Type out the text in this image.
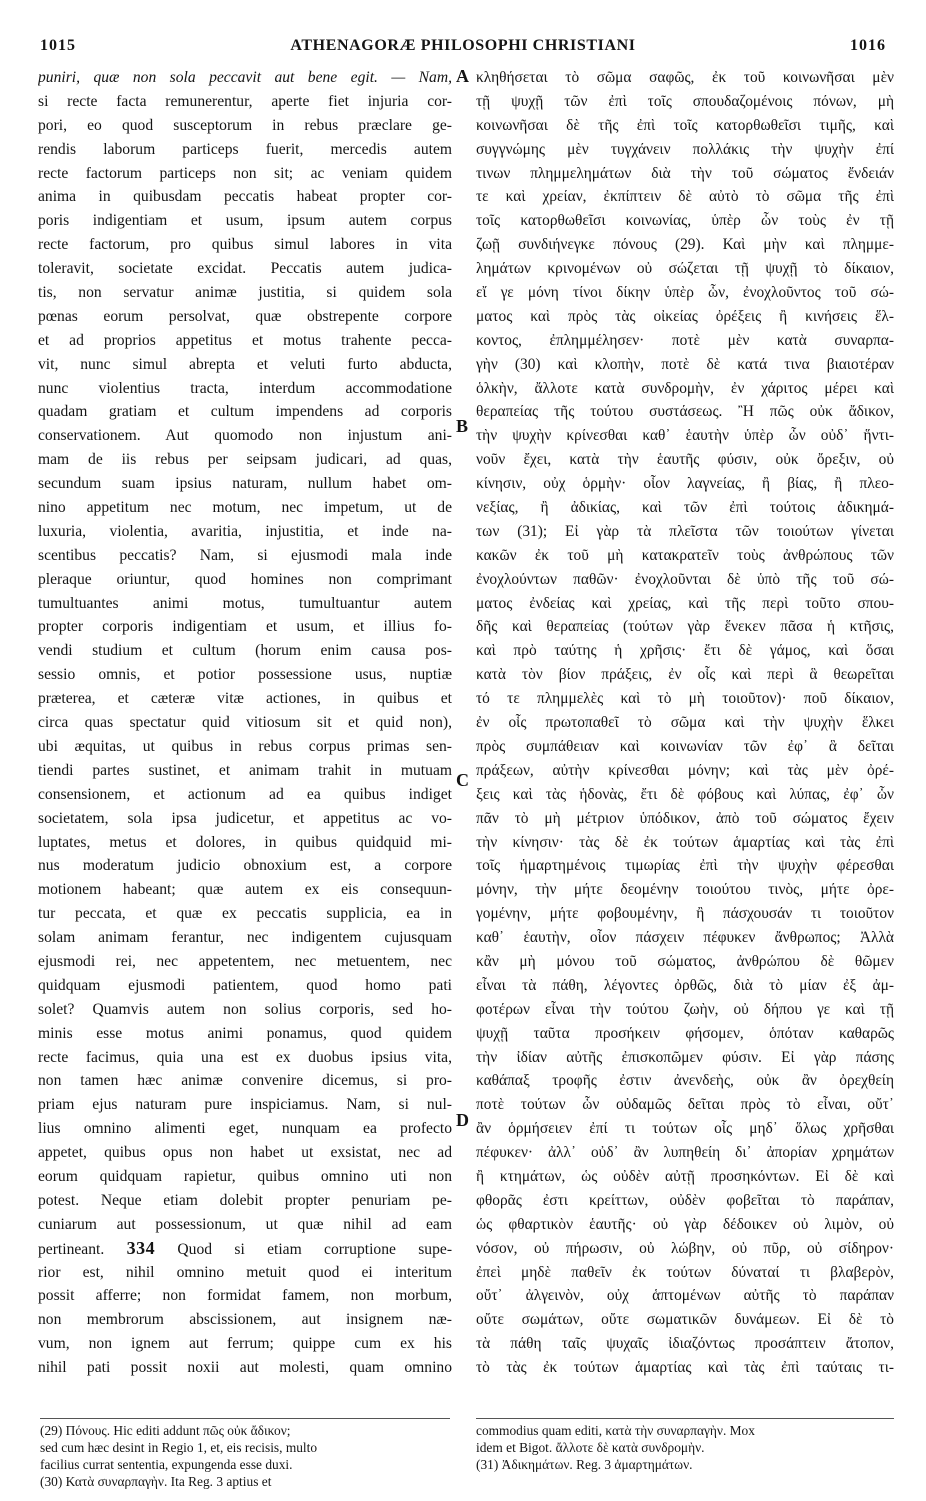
1015	ATHENAGORÆ PHILOSOPHI CHRISTIANI	1016
A
B
C
D
puniri, quæ non sola peccavit aut bene egit. — Nam,
si recte facta remunerentur, aperte fiet injuria cor-
pori, eo quod susceptorum in rebus præclare ge-
rendis laborum particeps fuerit, mercedis autem
recte factorum particeps non sit; ac veniam quidem
anima in quibusdam peccatis habeat propter cor-
poris indigentiam et usum, ipsum autem corpus
recte factorum, pro quibus simul labores in vita
toleravit, societate excidat. Peccatis autem judica-
tis, non servatur animæ justitia, si quidem sola
pœnas eorum persolvat, quæ obstrepente corpore
et ad proprios appetitus et motus trahente pecca-
vit, nunc simul abrepta et veluti furto abducta,
nunc violentius tracta, interdum accommodatione
quadam gratiam et cultum impendens ad corporis
conservationem. Aut quomodo non injustum ani-
mam de iis rebus per seipsam judicari, ad quas,
secundum suam ipsius naturam, nullum habet om-
nino appetitum nec motum, nec impetum, ut de
luxuria, violentia, avaritia, injustitia, et inde na-
scentibus peccatis? Nam, si ejusmodi mala inde
pleraque oriuntur, quod homines non comprimant
tumultuantes animi motus, tumultuantur autem
propter corporis indigentiam et usum, et illius fo-
vendi studium et cultum (horum enim causa pos-
sessio omnis, et potior possessione usus, nuptiæ
præterea, et cæteræ vitæ actiones, in quibus et
circa quas spectatur quid vitiosum sit et quid non),
ubi æquitas, ut quibus in rebus corpus primas sen-
tiendi partes sustinet, et animam trahit in mutuam
consensionem, et actionum ad ea quibus indiget
societatem, sola ipsa judicetur, et appetitus ac vo-
luptates, metus et dolores, in quibus quidquid mi-
nus moderatum judicio obnoxium est, a corpore
motionem habeant; quæ autem ex eis consequun-
tur peccata, et quæ ex peccatis supplicia, ea in
solam animam ferantur, nec indigentem cujusquam
ejusmodi rei, nec appetentem, nec metuentem, nec
quidquam ejusmodi patientem, quod homo pati
solet? Quamvis autem non solius corporis, sed ho-
minis esse motus animi ponamus, quod quidem
recte facimus, quia una est ex duobus ipsius vita,
non tamen hæc animæ convenire dicemus, si pro-
priam ejus naturam pure inspiciamus. Nam, si nul-
lius omnino alimenti eget, nunquam ea profecto
appetet, quibus opus non habet ut exsistat, nec ad
eorum quidquam rapietur, quibus omnino uti non
potest. Neque etiam dolebit propter penuriam pe-
cuniarum aut possessionum, ut quæ nihil ad eam
pertineant. 334 Quod si etiam corruptione supe-
rior est, nihil omnino metuit quod ei interitum
possit afferre; non formidat famem, non morbum,
non membrorum abscissionem, aut insignem næ-
vum, non ignem aut ferrum; quippe cum ex his
nihil pati possit noxii aut molesti, quam omnino
κληθήσεται τὸ σῶμα σαφῶς, ἐκ τοῦ κοινωνῆσαι μὲν
τῇ ψυχῇ τῶν ἐπὶ τοῖς σπουδαζομένοις πόνων, μὴ
κοινωνῆσαι δὲ τῆς ἐπὶ τοῖς κατορθωθεῖσι τιμῆς, καὶ
συγγνώμης μὲν τυγχάνειν πολλάκις τὴν ψυχὴν ἐπί
τινων πλημμελημάτων διὰ τὴν τοῦ σώματος ἔνδειάν
τε καὶ χρείαν, ἐκπίπτειν δὲ αὐτὸ τὸ σῶμα τῆς ἐπὶ
τοῖς κατορθωθεῖσι κοινωνίας, ὑπὲρ ὧν τοὺς ἐν τῇ
ζωῇ συνδιήνεγκε πόνους (29). Καὶ μὴν καὶ πλημμε-
λημάτων κρινομένων οὐ σώζεται τῇ ψυχῇ τὸ δίκαιον,
εἴ γε μόνη τίνοι δίκην ὑπὲρ ὧν, ἐνοχλοῦντος τοῦ σώ-
ματος καὶ πρὸς τὰς οἰκείας ὀρέξεις ἢ κινήσεις ἕλ-
κοντος, ἐπλημμέλησεν· ποτὲ μὲν κατὰ συναρπα-
γὴν (30) καὶ κλοπὴν, ποτὲ δὲ κατά τινα βιαιοτέραν
ὁλκὴν, ἄλλοτε κατὰ συνδρομὴν, ἐν χάριτος μέρει καὶ
θεραπείας τῆς τούτου συστάσεως. Ἢ πῶς οὐκ ἄδικον,
τὴν ψυχὴν κρίνεσθαι καθ᾽ ἑαυτὴν ὑπὲρ ὧν οὐδ᾽ ἥντι-
νοῦν ἔχει, κατὰ τὴν ἑαυτῆς φύσιν, οὐκ ὄρεξιν, οὐ
κίνησιν, οὐχ ὁρμὴν· οἷον λαγνείας, ἢ βίας, ἢ πλεο-
νεξίας, ἢ ἀδικίας, καὶ τῶν ἐπὶ τούτοις ἀδικημά-
των (31); Εἰ γὰρ τὰ πλεῖστα τῶν τοιούτων γίνεται
κακῶν ἐκ τοῦ μὴ κατακρατεῖν τοὺς ἀνθρώπους τῶν
ἐνοχλούντων παθῶν· ἐνοχλοῦνται δὲ ὑπὸ τῆς τοῦ σώ-
ματος ἐνδείας καὶ χρείας, καὶ τῆς περὶ τοῦτο σπου-
δῆς καὶ θεραπείας (τούτων γὰρ ἕνεκεν πᾶσα ἡ κτῆσις,
καὶ πρὸ ταύτης ἡ χρῆσις· ἔτι δὲ γάμος, καὶ ὅσαι
κατὰ τὸν βίον πράξεις, ἐν οἷς καὶ περὶ ἃ θεωρεῖται
τό τε πλημμελὲς καὶ τὸ μὴ τοιοῦτον)· ποῦ δίκαιον,
ἐν οἷς πρωτοπαθεῖ τὸ σῶμα καὶ τὴν ψυχὴν ἕλκει
πρὸς συμπάθειαν καὶ κοινωνίαν τῶν ἐφ᾽ ἃ δεῖται
πράξεων, αὐτὴν κρίνεσθαι μόνην; καὶ τὰς μὲν ὀρέ-
ξεις καὶ τὰς ἡδονὰς, ἔτι δὲ φόβους καὶ λύπας, ἐφ᾽ ὧν
πᾶν τὸ μὴ μέτριον ὑπόδικον, ἀπὸ τοῦ σώματος ἔχειν
τὴν κίνησιν· τὰς δὲ ἐκ τούτων ἁμαρτίας καὶ τὰς ἐπὶ
τοῖς ἡμαρτημένοις τιμωρίας ἐπὶ τὴν ψυχὴν φέρεσθαι
μόνην, τὴν μήτε δεομένην τοιούτου τινὸς, μήτε ὀρε-
γομένην, μήτε φοβουμένην, ἢ πάσχουσάν τι τοιοῦτον
καθ᾽ ἑαυτὴν, οἷον πάσχειν πέφυκεν ἄνθρωπος; Ἀλλὰ
κἂν μὴ μόνου τοῦ σώματος, ἀνθρώπου δὲ θῶμεν
εἶναι τὰ πάθη, λέγοντες ὀρθῶς, διὰ τὸ μίαν ἐξ ἀμ-
φοτέρων εἶναι τὴν τούτου ζωὴν, οὐ δήπου γε καὶ τῇ
ψυχῇ ταῦτα προσήκειν φήσομεν, ὁπόταν καθαρῶς
τὴν ἰδίαν αὐτῆς ἐπισκοπῶμεν φύσιν. Εἰ γὰρ πάσης
καθάπαξ τροφῆς ἐστιν ἀνενδεὴς, οὐκ ἂν ὀρεχθείη
ποτὲ τούτων ὧν οὐδαμῶς δεῖται πρὸς τὸ εἶναι, οὔτ᾽
ἂν ὁρμήσειεν ἐπί τι τούτων οἷς μηδ᾽ ὅλως χρῆσθαι
πέφυκεν· ἀλλ᾽ οὐδ᾽ ἂν λυπηθείη δι᾽ ἀπορίαν χρημάτων
ἢ κτημάτων, ὡς οὐδὲν αὐτῇ προσηκόντων. Εἰ δὲ καὶ
φθορᾶς ἐστι κρείττων, οὐδὲν φοβεῖται τὸ παράπαν,
ὡς φθαρτικὸν ἑαυτῆς· οὐ γὰρ δέδοικεν οὐ λιμὸν, οὐ
νόσον, οὐ πήρωσιν, οὐ λώβην, οὐ πῦρ, οὐ σίδηρον·
ἐπεὶ μηδὲ παθεῖν ἐκ τούτων δύναταί τι βλαβερὸν,
οὔτ᾽ ἀλγεινὸν, οὐχ ἁπτομένων αὐτῆς τὸ παράπαν
οὔτε σωμάτων, οὔτε σωματικῶν δυνάμεων. Εἰ δὲ τὸ
τὰ πάθη ταῖς ψυχαῖς ἰδιαζόντως προσάπτειν ἄτοπον,
τὸ τὰς ἐκ τούτων ἁμαρτίας καὶ τὰς ἐπὶ ταύταις τι-
(29) Πόνους. Hic editi addunt πῶς οὐκ ἄδικον;
sed cum hæc desint in Regio 1, et, eis recisis, multo
facilius currat sententia, expungenda esse duxi.
(30) Κατὰ συναρπαγὴν. Ita Reg. 3 aptius et
commodius quam editi, κατὰ τὴν συναρπαγὴν. Mox
idem et Bigot. ἄλλοτε δὲ κατὰ συνδρομὴν.
(31) Ἀδικημάτων. Reg. 3 ἁμαρτημάτων.
